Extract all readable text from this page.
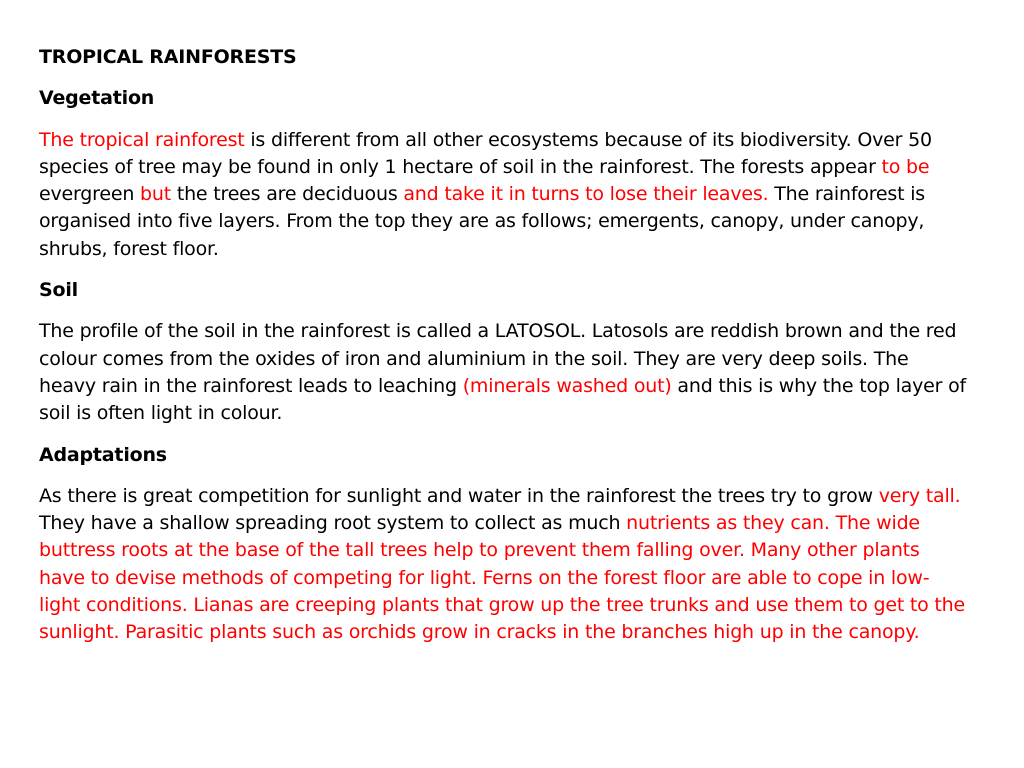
TROPICAL RAINFORESTS
Vegetation
The tropical rainforest is different from all other ecosystems because of its biodiversity. Over 50 species of tree may be found in only 1 hectare of soil in the rainforest. The forests appear to be evergreen but the trees are deciduous and take it in turns to lose their leaves. The rainforest is organised into five layers. From the top they are as follows; emergents, canopy, under canopy, shrubs, forest floor.
Soil
The profile of the soil in the rainforest is called a LATOSOL. Latosols are reddish brown and the red colour comes from the oxides of iron and aluminium in the soil. They are very deep soils. The heavy rain in the rainforest leads to leaching (minerals washed out) and this is why the top layer of soil is often light in colour.
Adaptations
As there is great competition for sunlight and water in the rainforest the trees try to grow very tall. They have a shallow spreading root system to collect as much nutrients as they can. The wide buttress roots at the base of the tall trees help to prevent them falling over. Many other plants have to devise methods of competing for light. Ferns on the forest floor are able to cope in low-light conditions. Lianas are creeping plants that grow up the tree trunks and use them to get to the sunlight. Parasitic plants such as orchids grow in cracks in the branches high up in the canopy.
